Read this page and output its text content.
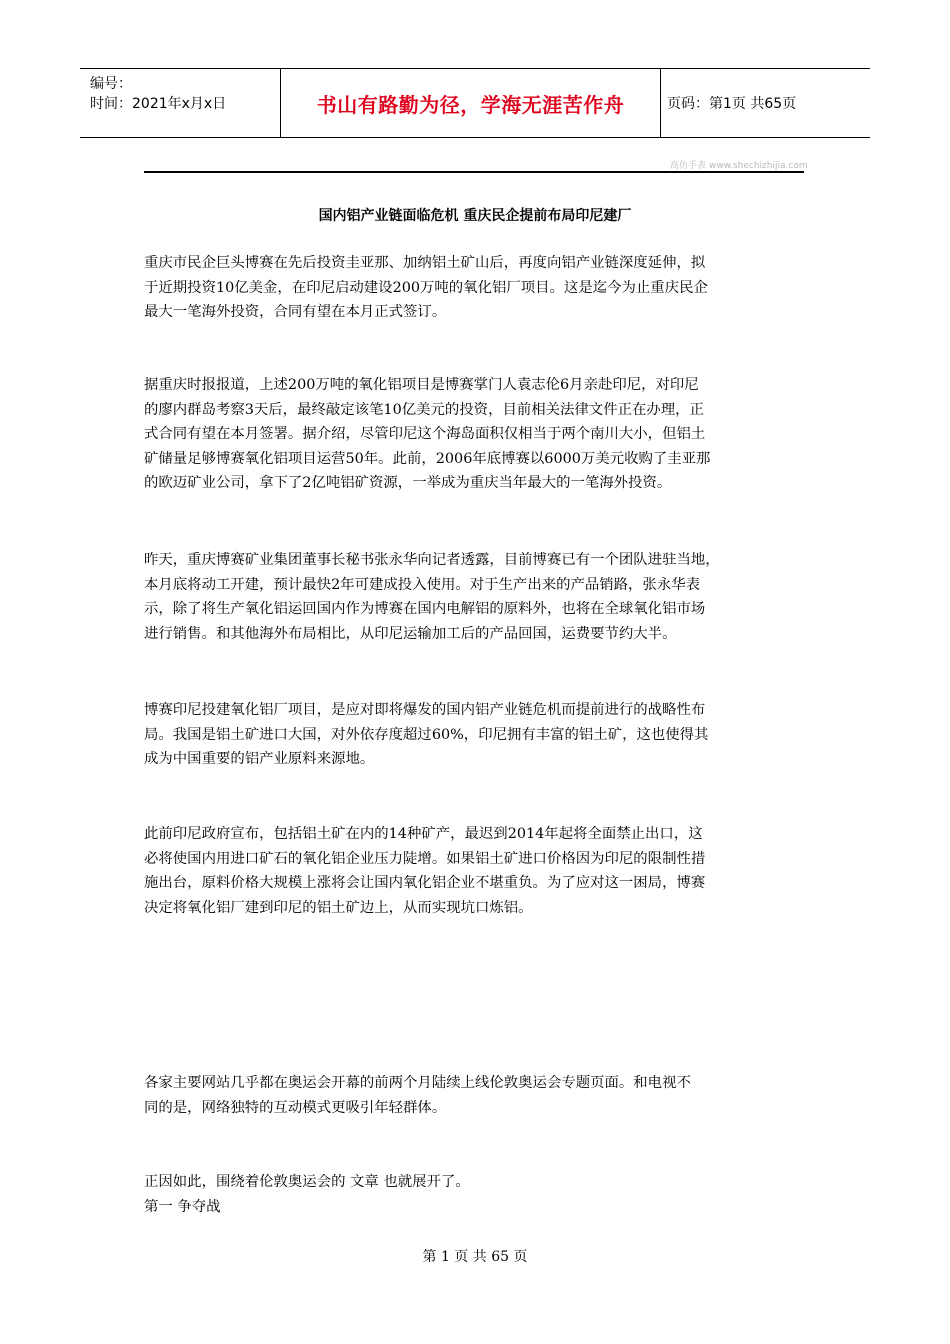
编号：
时间：2021年x月x日	书山有路勤为径，学海无涯苦作舟	页码：第1页 共65页
高仿手表 www.shechizhijia.com
国内铝产业链面临危机 重庆民企提前布局印尼建厂
重庆市民企巨头博赛在先后投资圭亚那、加纳铝土矿山后，再度向铝产业链深度延伸，拟
于近期投资10亿美金，在印尼启动建设200万吨的氧化铝厂项目。这是迄今为止重庆民企
最大一笔海外投资，合同有望在本月正式签订。
据重庆时报报道，上述200万吨的氧化铝项目是博赛掌门人袁志伦6月亲赴印尼，对印尼
的廖内群岛考察3天后，最终敲定该笔10亿美元的投资，目前相关法律文件正在办理，正
式合同有望在本月签署。据介绍，尽管印尼这个海岛面积仅相当于两个南川大小，但铝土
矿储量足够博赛氧化铝项目运营50年。此前，2006年底博赛以6000万美元收购了圭亚那
的欧迈矿业公司，拿下了2亿吨铝矿资源，一举成为重庆当年最大的一笔海外投资。
昨天，重庆博赛矿业集团董事长秘书张永华向记者透露，目前博赛已有一个团队进驻当地，
本月底将动工开建，预计最快2年可建成投入使用。对于生产出来的产品销路，张永华表
示，除了将生产氧化铝运回国内作为博赛在国内电解铝的原料外，也将在全球氧化铝市场
进行销售。和其他海外布局相比，从印尼运输加工后的产品回国，运费要节约大半。
博赛印尼投建氧化铝厂项目，是应对即将爆发的国内铝产业链危机而提前进行的战略性布
局。我国是铝土矿进口大国，对外依存度超过60%，印尼拥有丰富的铝土矿，这也使得其
成为中国重要的铝产业原料来源地。
此前印尼政府宣布，包括铝土矿在内的14种矿产，最迟到2014年起将全面禁止出口，这
必将使国内用进口矿石的氧化铝企业压力陡增。如果铝土矿进口价格因为印尼的限制性措
施出台，原料价格大规模上涨将会让国内氧化铝企业不堪重负。为了应对这一困局，博赛
决定将氧化铝厂建到印尼的铝土矿边上，从而实现坑口炼铝。
各家主要网站几乎都在奥运会开幕的前两个月陆续上线伦敦奥运会专题页面。和电视不
同的是，网络独特的互动模式更吸引年轻群体。
正因如此，围绕着伦敦奥运会的 文章 也就展开了。
第一 争夺战
第 1 页 共 65 页
